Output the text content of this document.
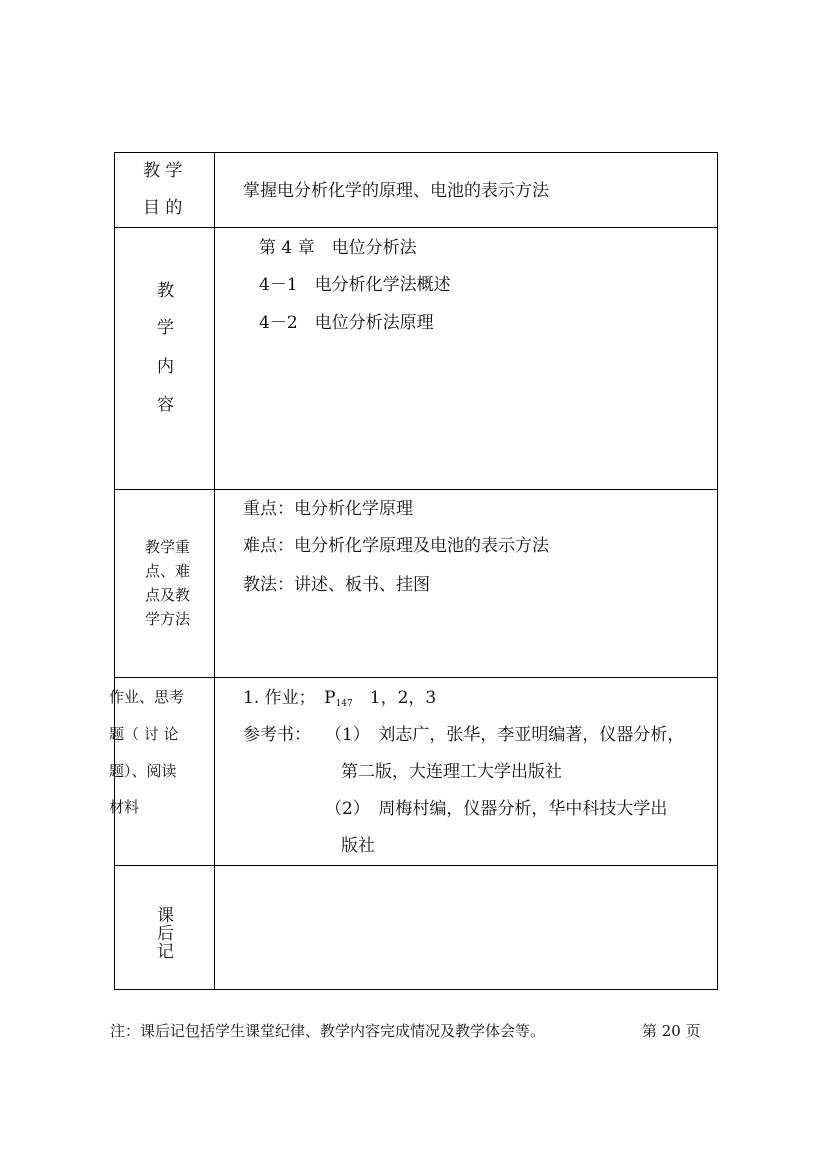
教 学
目 的
掌握电分析化学的原理、电池的表示方法
教
学
内
容
第 4 章　电位分析法
4－1　电分析化学法概述
4－2　电位分析法原理
教学重
点、难
点及教
学方法
重点：电分析化学原理
难点：电分析化学原理及电池的表示方法
教法：讲述、板书、挂图
作业、思考
题（ 讨 论
题）、阅读
材料
1. 作业；　$P_{147}$　1，2，3
参考书： （1）　刘志广，张华，李亚明编著，仪器分析，
第二版，大连理工大学出版社
（2）　周梅村编，仪器分析，华中科技大学出
版社
课
后
记
注：课后记包括学生课堂纪律、教学内容完成情况及教学体会等。	第 20 页
